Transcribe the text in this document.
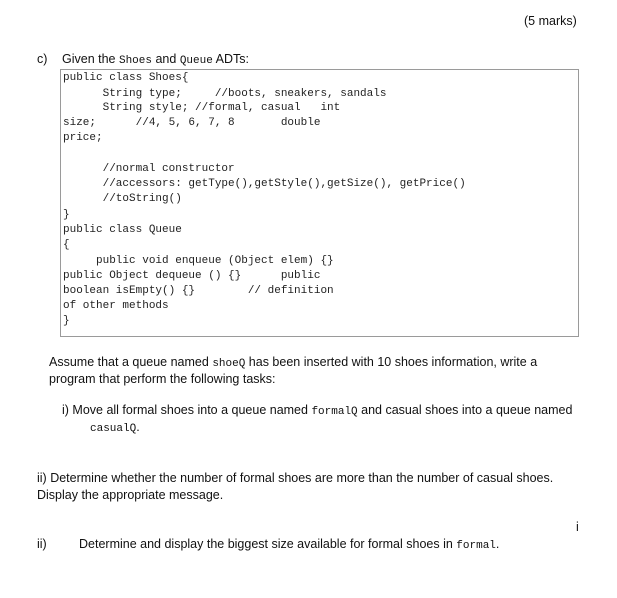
(5 marks)
c) Given the Shoes and Queue ADTs:
public class Shoes{
String type;     //boots, sneakers, sandals
String style; //formal, casual   int
size;      //4, 5, 6, 7, 8       double
price;
//normal constructor
//accessors: getType(),getStyle(),getSize(), getPrice()
//toString()
}
public class Queue
{
public void enqueue (Object elem) {}
public Object dequeue () {}      public
boolean isEmpty() {}        // definition
of other methods
}
Assume that a queue named shoeQ has been inserted with 10 shoes information, write a
program that perform the following tasks:
i) Move all formal shoes into a queue named formalQ and casual shoes into a queue named
casualQ.
ii) Determine whether the number of formal shoes are more than the number of casual shoes.
Display the appropriate message.
i
ii)	Determine and display the biggest size available for formal shoes in formal.
